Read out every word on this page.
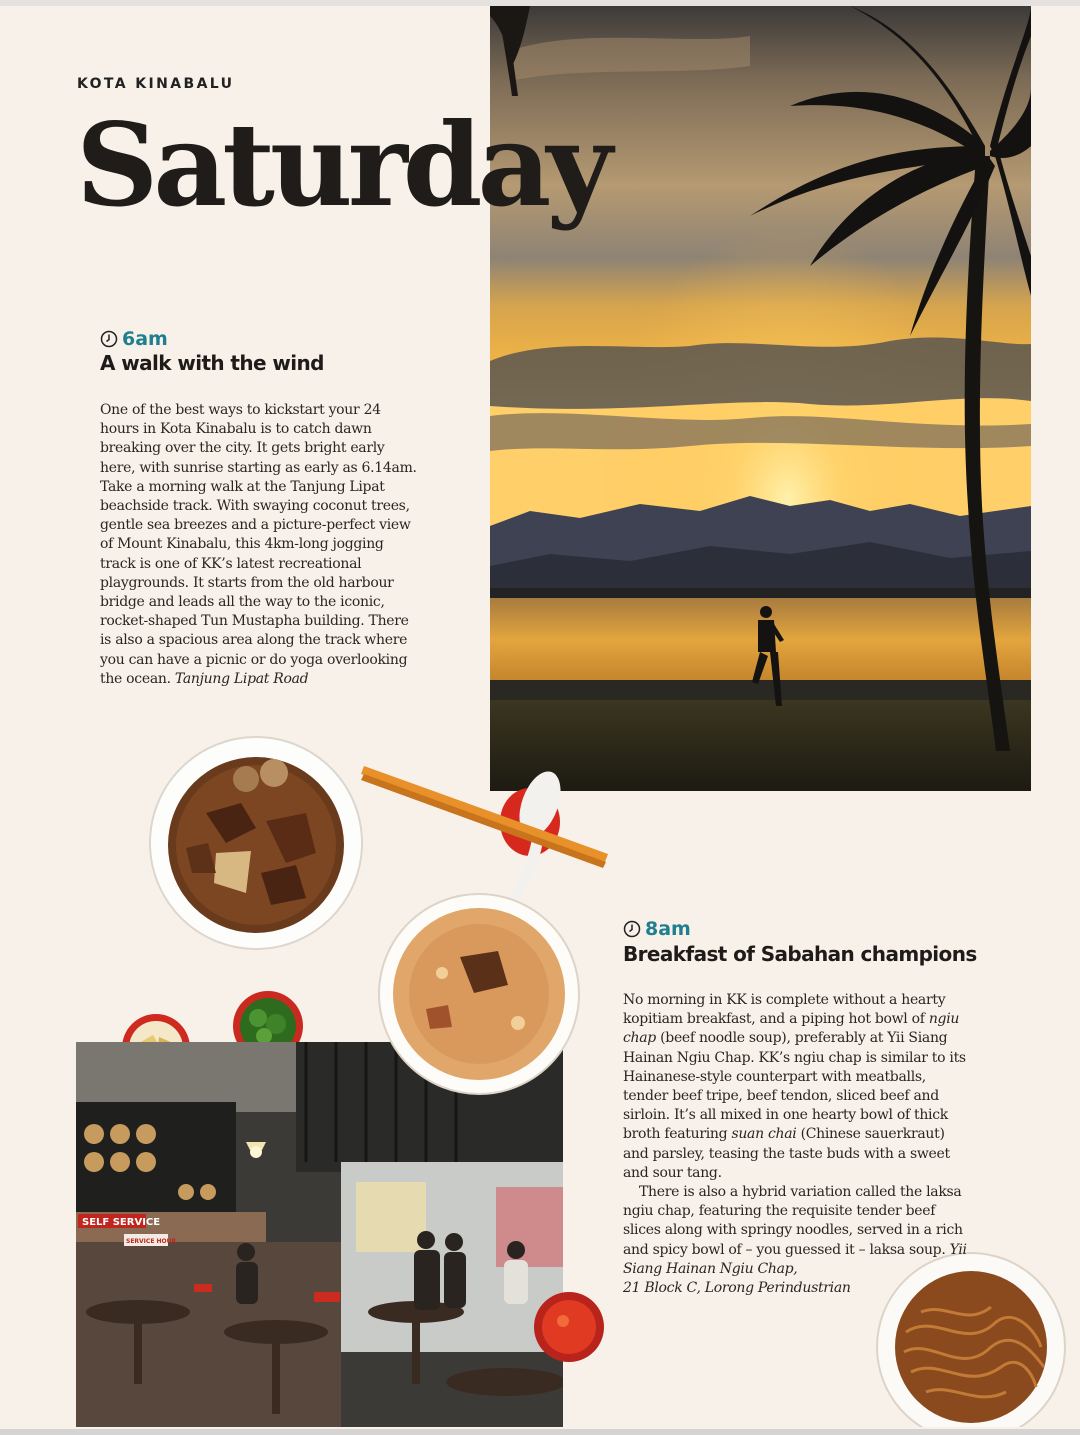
KOTA KINABALU
Saturday
6am
A walk with the wind

One of the best ways to kickstart your 24 hours in Kota Kinabalu is to catch dawn breaking over the city. It gets bright early here, with sunrise starting as early as 6.14am. Take a morning walk at the Tanjung Lipat beachside track. With swaying coconut trees, gentle sea breezes and a picture-perfect view of Mount Kinabalu, this 4km-long jogging track is one of KK’s latest recreational playgrounds. It starts from the old harbour bridge and leads all the way to the iconic, rocket-shaped Tun Mustapha building. There is also a spacious area along the track where you can have a picnic or do yoga overlooking the ocean. Tanjung Lipat Road

SELF SERVICE
SERVICE HOUR
8am
Breakfast of Sabahan champions

No morning in KK is complete without a hearty kopitiam breakfast, and a piping hot bowl of ngiu chap (beef noodle soup), preferably at Yii Siang Hainan Ngiu Chap. KK’s ngiu chap is similar to its Hainanese-style counterpart with meatballs, tender beef tripe, beef tendon, sliced beef and sirloin. It’s all mixed in one hearty bowl of thick broth featuring suan chai (Chinese sauerkraut) and parsley, teasing the taste buds with a sweet and sour tang.

There is also a hybrid variation called the laksa ngiu chap, featuring the requisite tender beef slices along with springy noodles, served in a rich and spicy bowl of – you guessed it – laksa soup. Yii Siang Hainan Ngiu Chap,
21 Block C, Lorong Perindustrian
